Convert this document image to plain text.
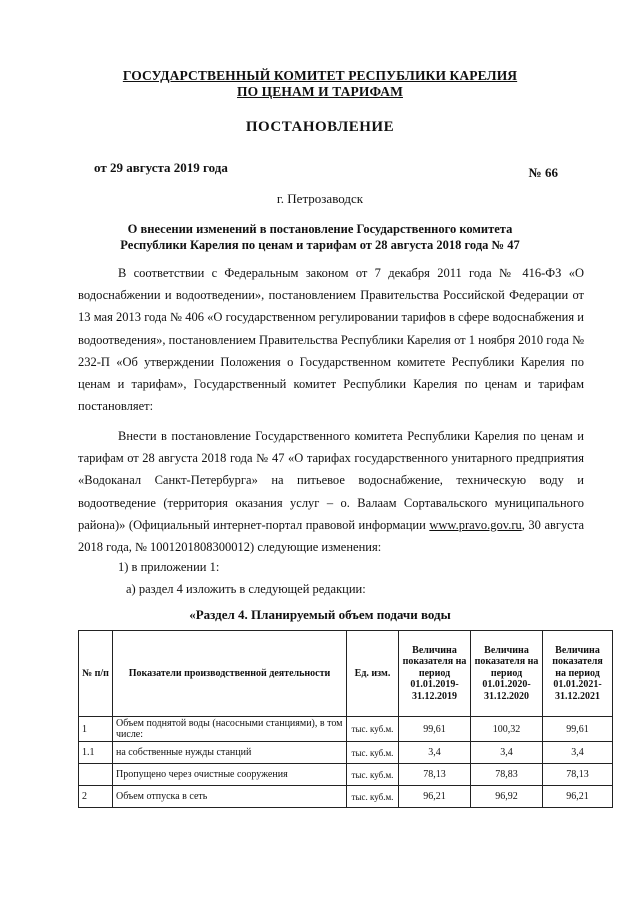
ГОСУДАРСТВЕННЫЙ КОМИТЕТ РЕСПУБЛИКИ КАРЕЛИЯ
ПО ЦЕНАМ И ТАРИФАМ
ПОСТАНОВЛЕНИЕ
от 29 августа 2019 года	№ 66
г. Петрозаводск
О внесении изменений в постановление Государственного комитета
Республики Карелия по ценам и тарифам от 28 августа 2018 года № 47

В соответствии с Федеральным законом от 7 декабря 2011 года № 416-ФЗ «О водоснабжении и водоотведении», постановлением Правительства Российской Федерации от 13 мая 2013 года № 406 «О государственном регулировании тарифов в сфере водоснабжения и водоотведения», постановлением Правительства Республики Карелия от 1 ноября 2010 года № 232-П «Об утверждении Положения о Государственном комитете Республики Карелия по ценам и тарифам», Государственный комитет Республики Карелия по ценам и тарифам постановляет:

Внести в постановление Государственного комитета Республики Карелия по ценам и тарифам от 28 августа 2018 года № 47 «О тарифах государственного унитарного предприятия «Водоканал Санкт-Петербурга» на питьевое водоснабжение, техническую воду и водоотведение (территория оказания услуг – о. Валаам Сортавальского муниципального района)» (Официальный интернет-портал правовой информации www.pravo.gov.ru, 30 августа 2018 года, № 1001201808300012) следующие изменения:

1) в приложении 1:
а) раздел 4 изложить в следующей редакции:
«Раздел 4. Планируемый объем подачи воды
№ п/п	Показатели производственной деятельности	Ед. изм.	Величина показателя на период 01.01.2019-31.12.2019	Величина показателя на период 01.01.2020-31.12.2020	Величина показателя на период 01.01.2021-31.12.2021
1	Объем поднятой воды (насосными станциями), в том числе:	тыс. куб.м.	99,61	100,32	99,61
1.1	на собственные нужды станций	тыс. куб.м.	3,4	3,4	3,4
	Пропущено через очистные сооружения	тыс. куб.м.	78,13	78,83	78,13
2	Объем отпуска в сеть	тыс. куб.м.	96,21	96,92	96,21
